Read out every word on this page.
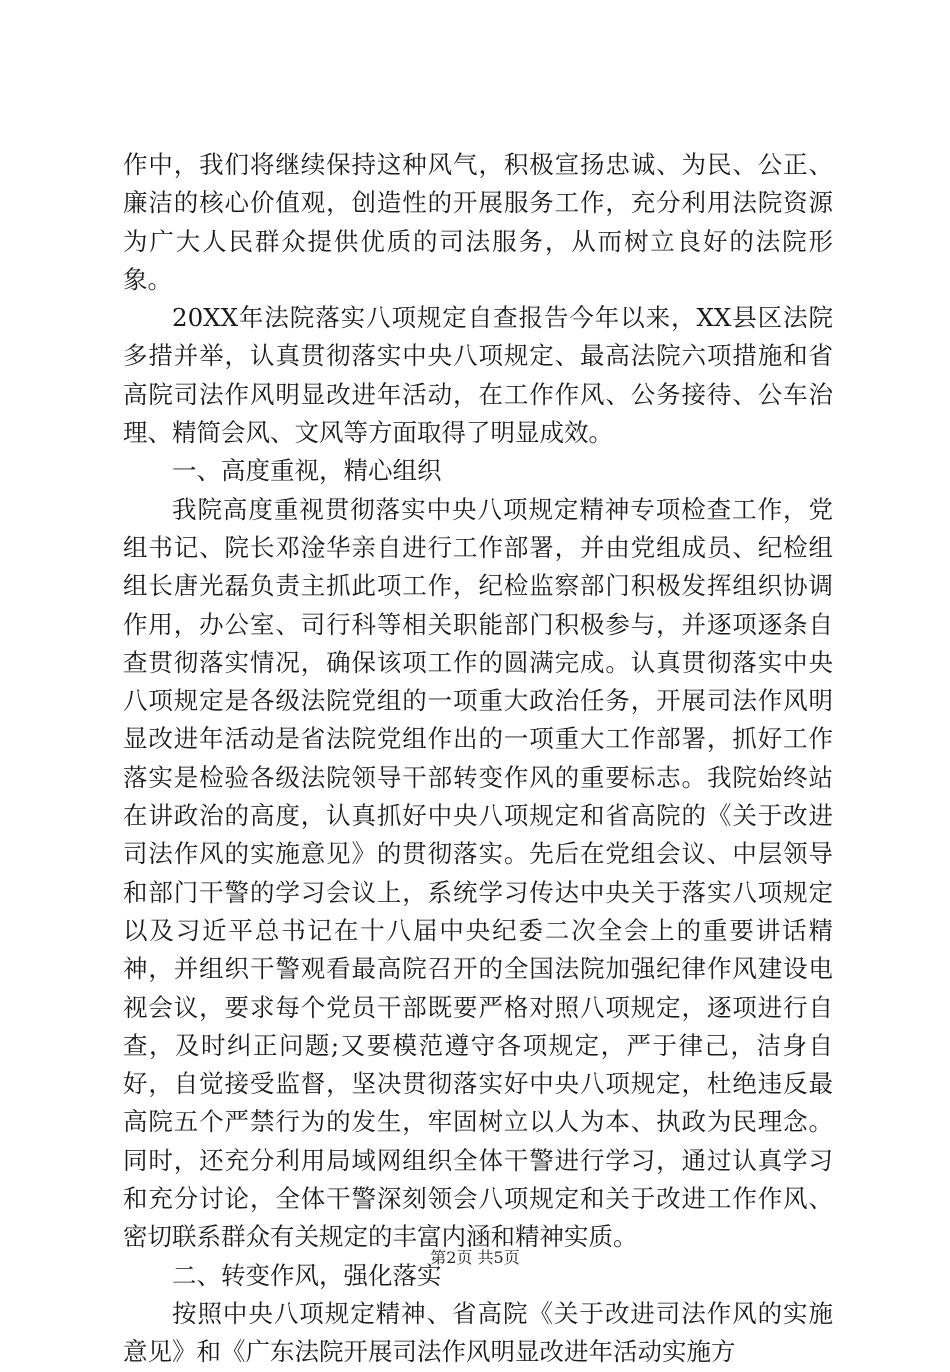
作中，我们将继续保持这种风气，积极宣扬忠诚、为民、公正、廉洁的核心价值观，创造性的开展服务工作，充分利用法院资源为广大人民群众提供优质的司法服务，从而树立良好的法院形象。

20XX年法院落实八项规定自查报告今年以来，XX县区法院多措并举，认真贯彻落实中央八项规定、最高法院六项措施和省高院司法作风明显改进年活动，在工作作风、公务接待、公车治理、精简会风、文风等方面取得了明显成效。

一、高度重视，精心组织

我院高度重视贯彻落实中央八项规定精神专项检查工作，党组书记、院长邓淦华亲自进行工作部署，并由党组成员、纪检组组长唐光磊负责主抓此项工作，纪检监察部门积极发挥组织协调作用，办公室、司行科等相关职能部门积极参与，并逐项逐条自查贯彻落实情况，确保该项工作的圆满完成。认真贯彻落实中央八项规定是各级法院党组的一项重大政治任务，开展司法作风明显改进年活动是省法院党组作出的一项重大工作部署，抓好工作落实是检验各级法院领导干部转变作风的重要标志。我院始终站在讲政治的高度，认真抓好中央八项规定和省高院的《关于改进司法作风的实施意见》的贯彻落实。先后在党组会议、中层领导和部门干警的学习会议上，系统学习传达中央关于落实八项规定以及习近平总书记在十八届中央纪委二次全会上的重要讲话精神，并组织干警观看最高院召开的全国法院加强纪律作风建设电视会议，要求每个党员干部既要严格对照八项规定，逐项进行自查，及时纠正问题;又要模范遵守各项规定，严于律己，洁身自好，自觉接受监督，坚决贯彻落实好中央八项规定，杜绝违反最高院五个严禁行为的发生，牢固树立以人为本、执政为民理念。同时，还充分利用局域网组织全体干警进行学习，通过认真学习和充分讨论，全体干警深刻领会八项规定和关于改进工作作风、密切联系群众有关规定的丰富内涵和精神实质。

二、转变作风，强化落实

按照中央八项规定精神、省高院《关于改进司法作风的实施意见》和《广东法院开展司法作风明显改进年活动实施方

第2页 共5页
